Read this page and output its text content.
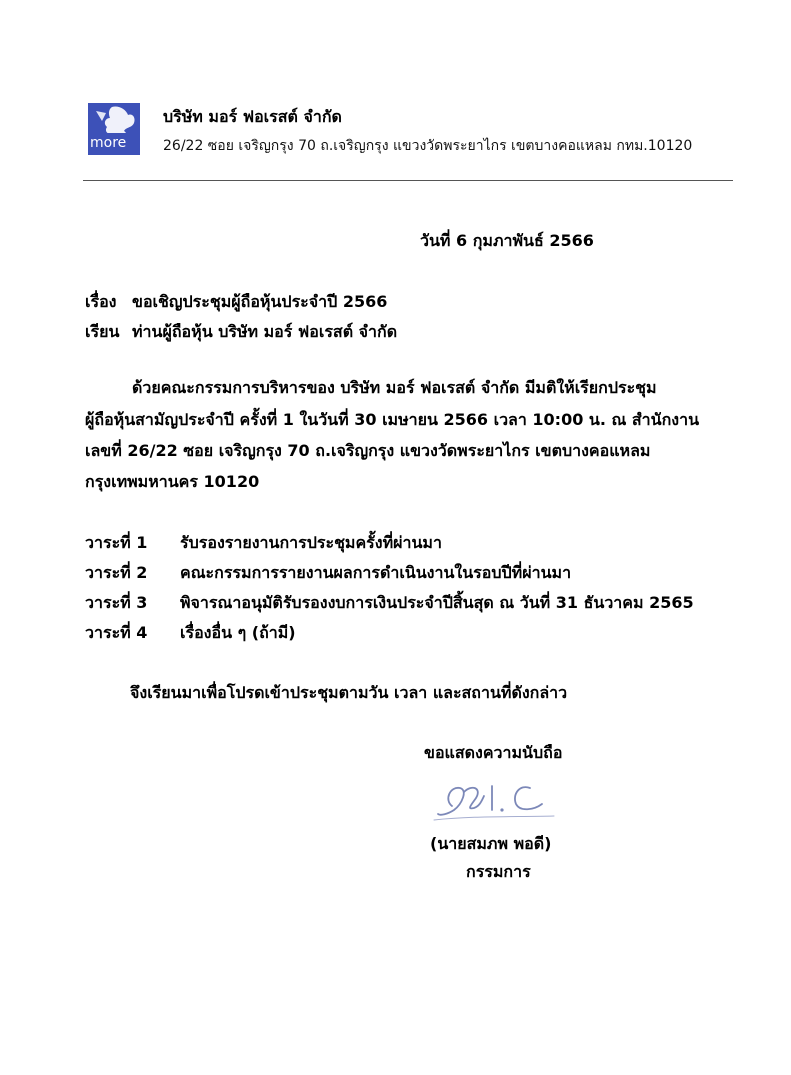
more
บริษัท มอร์ ฟอเรสต์ จำกัด
26/22 ซอย เจริญกรุง 70 ถ.เจริญกรุง แขวงวัดพระยาไกร เขตบางคอแหลม กทม.10120
วันที่ 6 กุมภาพันธ์ 2566
เรื่อง ขอเชิญประชุมผู้ถือหุ้นประจำปี 2566
เรียน ท่านผู้ถือหุ้น บริษัท มอร์ ฟอเรสต์ จำกัด
ด้วยคณะกรรมการบริหารของ บริษัท มอร์ ฟอเรสต์ จำกัด มีมติให้เรียกประชุม
ผู้ถือหุ้นสามัญประจำปี ครั้งที่ 1 ในวันที่ 30 เมษายน 2566 เวลา 10:00 น. ณ สำนักงาน
เลขที่ 26/22 ซอย เจริญกรุง 70 ถ.เจริญกรุง แขวงวัดพระยาไกร เขตบางคอแหลม
กรุงเทพมหานคร 10120
วาระที่ 1 รับรองรายงานการประชุมครั้งที่ผ่านมา
วาระที่ 2 คณะกรรมการรายงานผลการดำเนินงานในรอบปีที่ผ่านมา
วาระที่ 3 พิจารณาอนุมัติรับรองงบการเงินประจำปีสิ้นสุด ณ วันที่ 31 ธันวาคม 2565
วาระที่ 4 เรื่องอื่น ๆ (ถ้ามี)
จึงเรียนมาเพื่อโปรดเข้าประชุมตามวัน เวลา และสถานที่ดังกล่าว
ขอแสดงความนับถือ
(นายสมภพ พอดี)
กรรมการ
